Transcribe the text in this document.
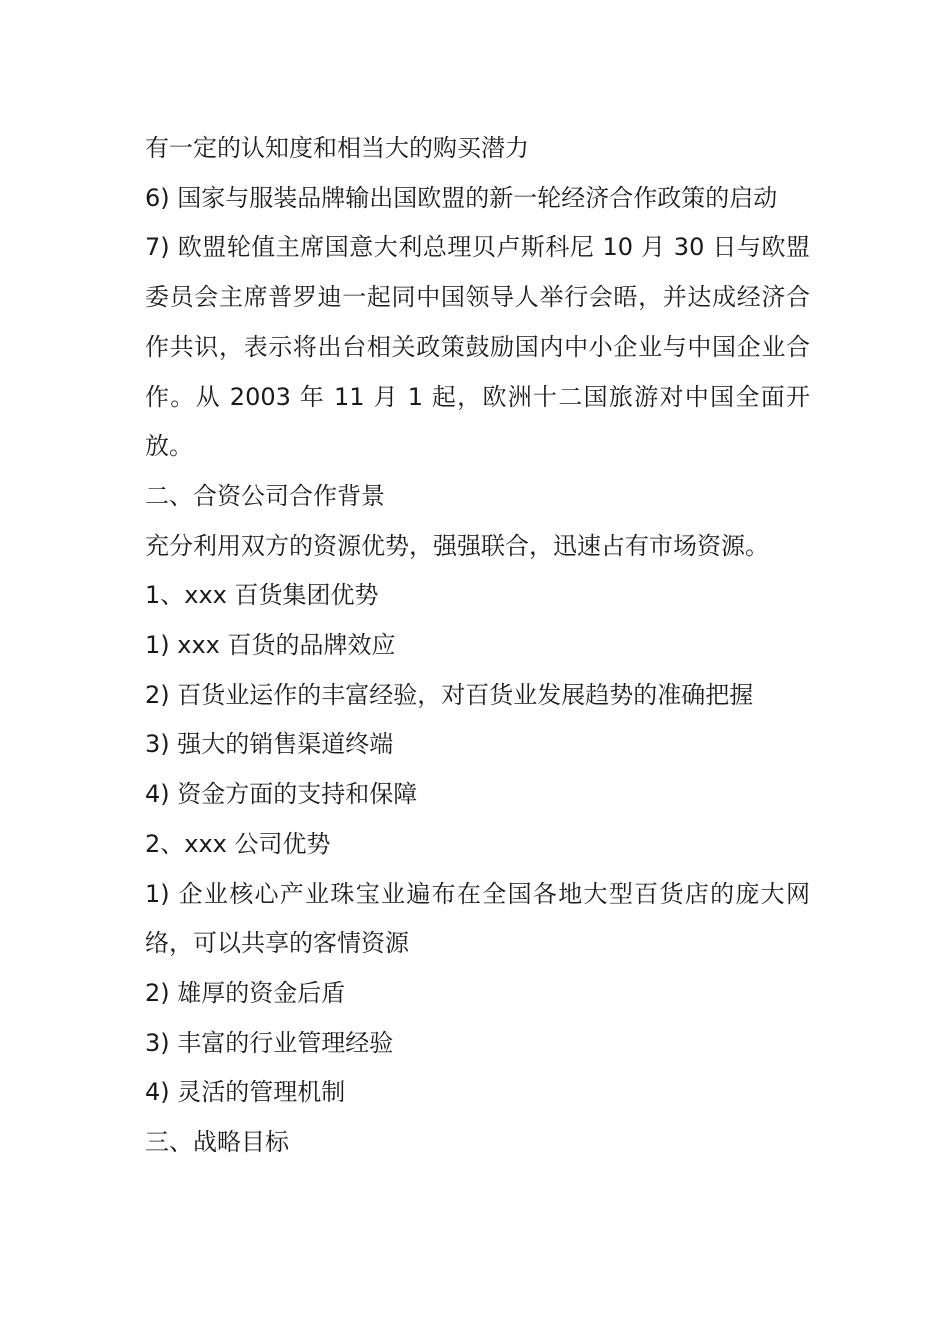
有一定的认知度和相当大的购买潜力

6) 国家与服装品牌输出国欧盟的新一轮经济合作政策的启动

7) 欧盟轮值主席国意大利总理贝卢斯科尼 10 月 30 日与欧盟委员会主席普罗迪一起同中国领导人举行会晤，并达成经济合作共识，表示将出台相关政策鼓励国内中小企业与中国企业合作。从 2003 年 11 月 1 起，欧洲十二国旅游对中国全面开放。

二、合资公司合作背景

充分利用双方的资源优势，强强联合，迅速占有市场资源。

1、xxx 百货集团优势

1) xxx 百货的品牌效应

2) 百货业运作的丰富经验，对百货业发展趋势的准确把握

3) 强大的销售渠道终端

4) 资金方面的支持和保障

2、xxx 公司优势

1) 企业核心产业珠宝业遍布在全国各地大型百货店的庞大网络，可以共享的客情资源

2) 雄厚的资金后盾

3) 丰富的行业管理经验

4) 灵活的管理机制

三、战略目标
